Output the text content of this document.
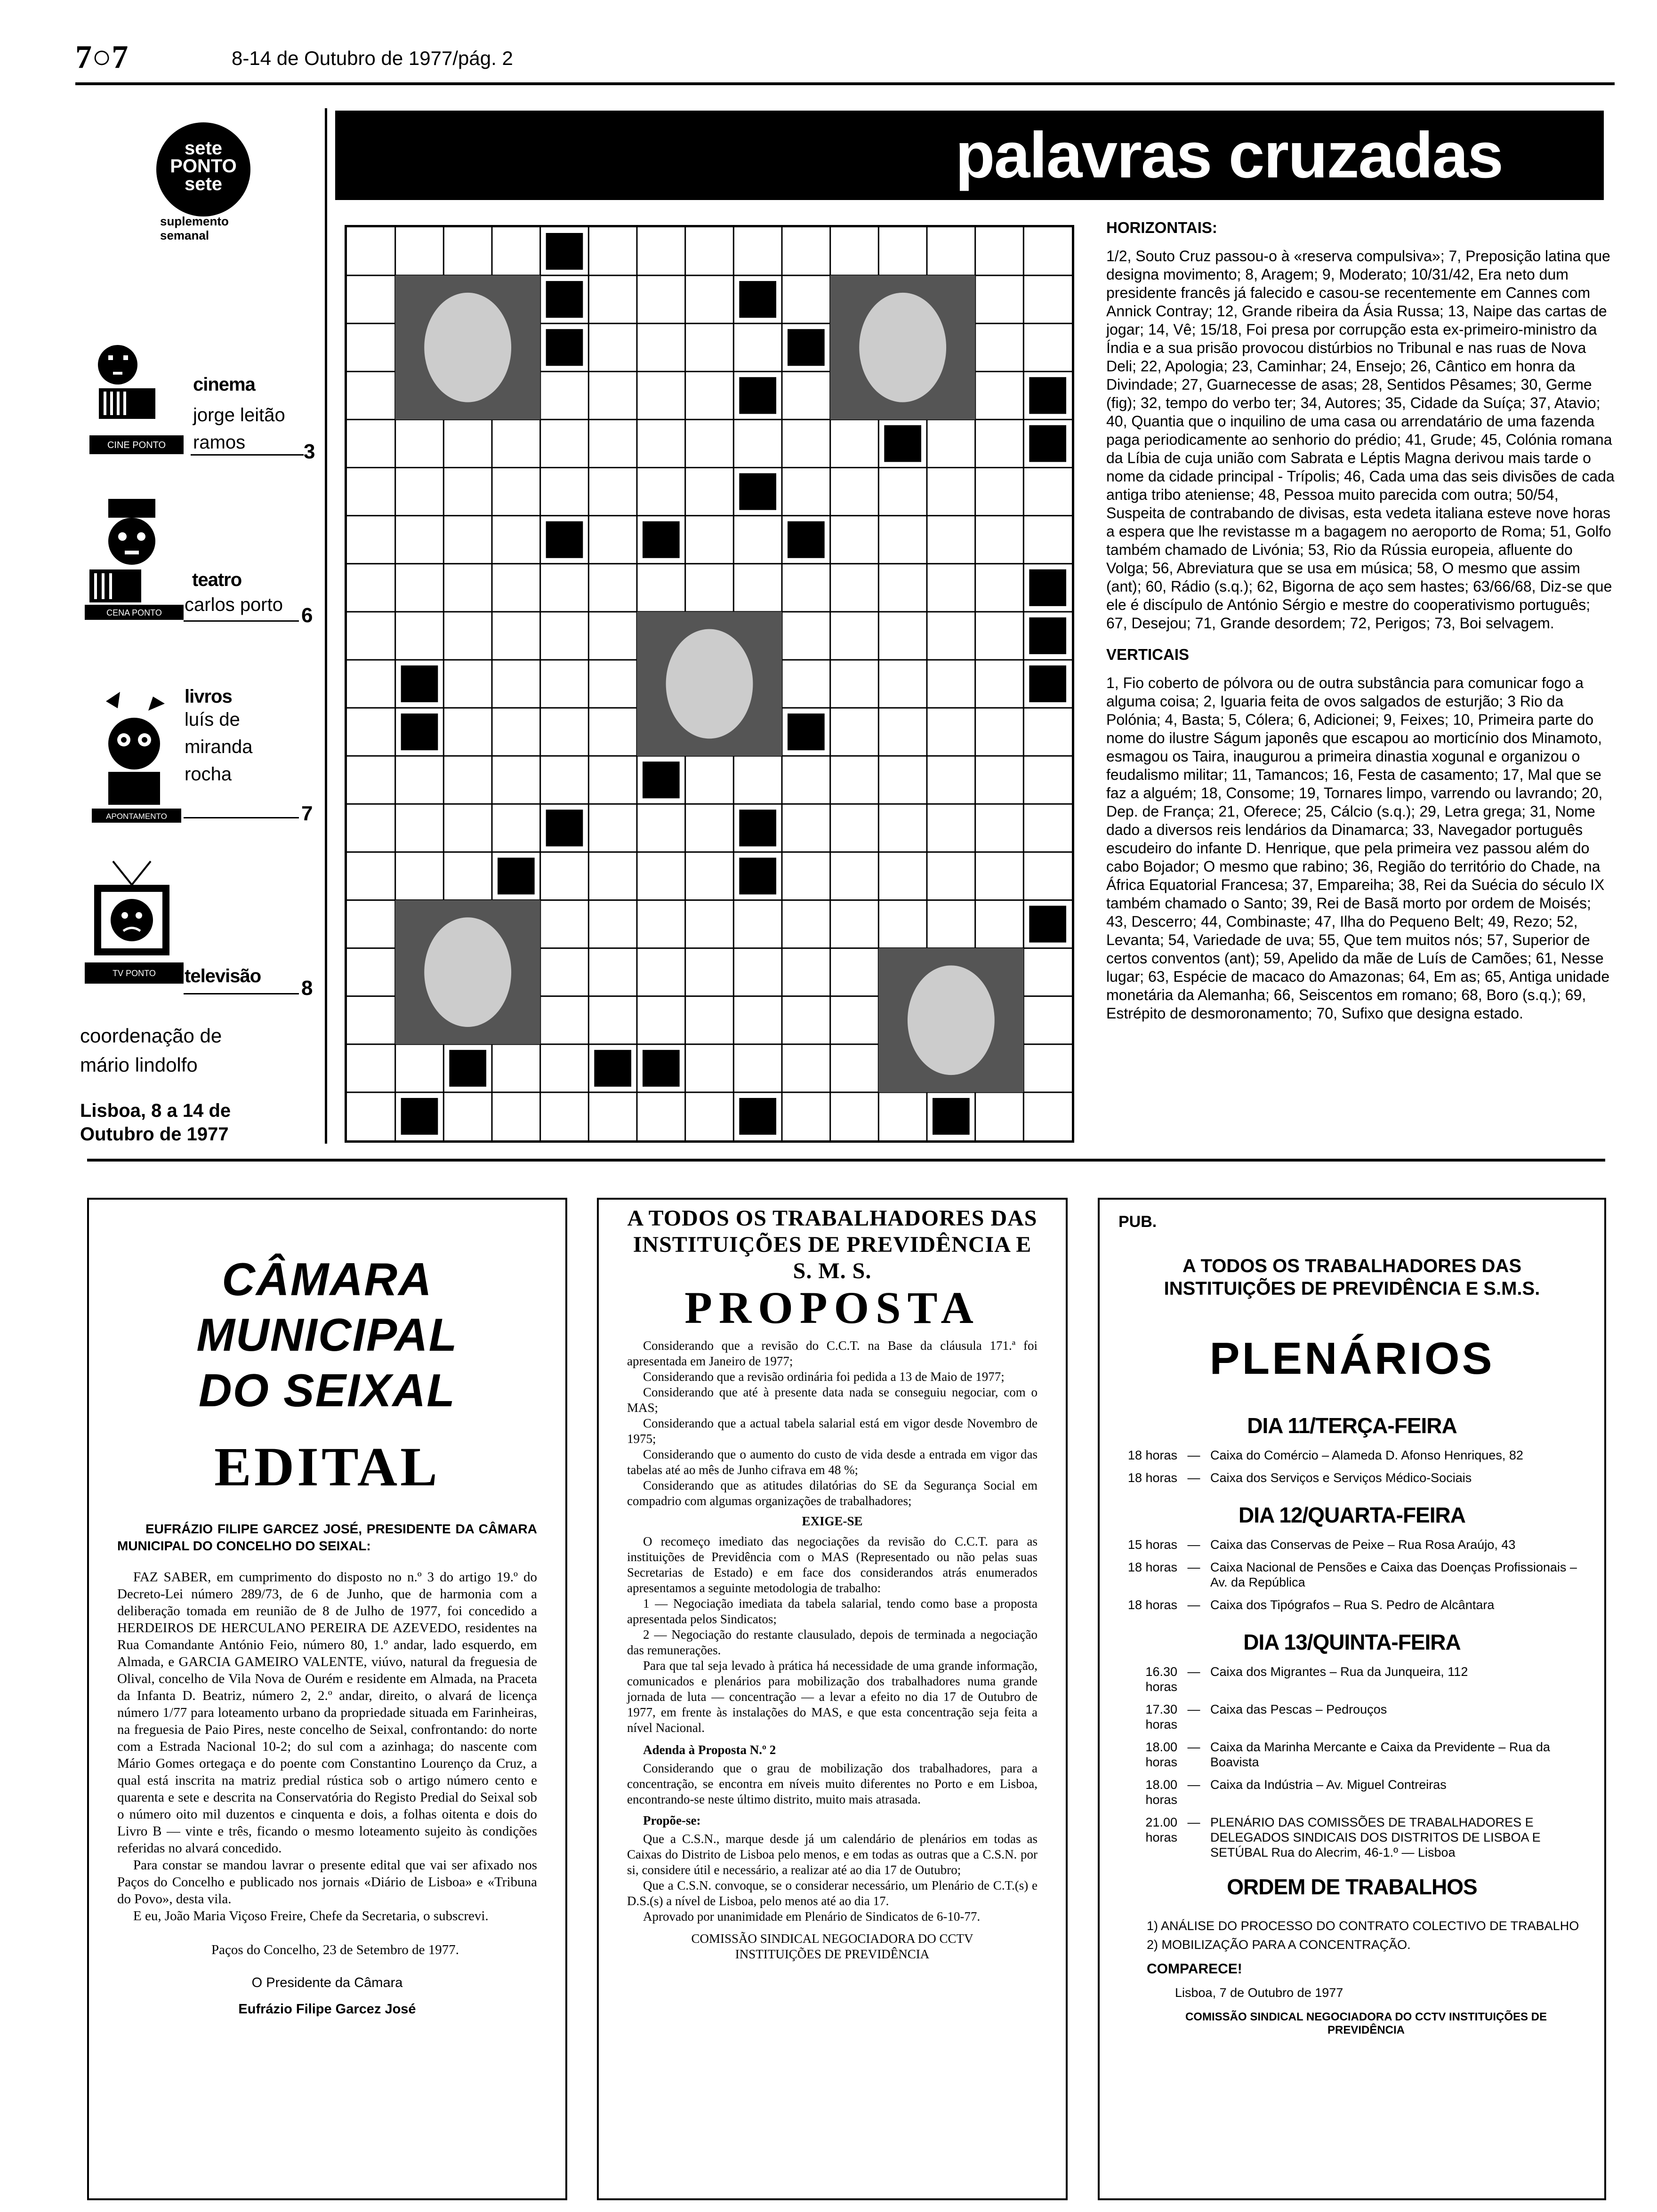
7○7	8-14 de Outubro de 1977/pág. 2
sete
PONTO
sete
suplemento semanal
CINE PONTO
cinema
jorge leitão ramos	3
CENA PONTO
teatro
carlos porto 6
APONTAMENTO
livros
luís de miranda rocha
7
TV PONTO televisão
8
coordenação de mário lindolfo
Lisboa, 8 a 14 de Outubro de 1977
palavras cruzadas
HORIZONTAIS:

1/2, Souto Cruz passou-o à «reserva compulsiva»; 7, Preposição latina que designa movimento; 8, Aragem; 9, Moderato; 10/31/42, Era neto dum presidente francês já falecido e casou-se recentemente em Cannes com Annick Contray; 12, Grande ribeira da Ásia Russa; 13, Naipe das cartas de jogar; 14, Vê; 15/18, Foi presa por corrupção esta ex-primeiro-ministro da Índia e a sua prisão provocou distúrbios no Tribunal e nas ruas de Nova Deli; 22, Apologia; 23, Caminhar; 24, Ensejo; 26, Cântico em honra da Divindade; 27, Guarnecesse de asas; 28, Sentidos Pêsames; 30, Germe (fig); 32, tempo do verbo ter; 34, Autores; 35, Cidade da Suíça; 37, Atavio; 40, Quantia que o inquilino de uma casa ou arrendatário de uma fazenda paga periodicamente ao senhorio do prédio; 41, Grude; 45, Colónia romana da Líbia de cuja união com Sabrata e Léptis Magna derivou mais tarde o nome da cidade principal - Trípolis; 46, Cada uma das seis divisões de cada antiga tribo ateniense; 48, Pessoa muito parecida com outra; 50/54, Suspeita de contrabando de divisas, esta vedeta italiana esteve nove horas a espera que lhe revistasse m a bagagem no aeroporto de Roma; 51, Golfo também chamado de Livónia; 53, Rio da Rússia europeia, afluente do Volga; 56, Abreviatura que se usa em música; 58, O mesmo que assim (ant); 60, Rádio (s.q.); 62, Bigorna de aço sem hastes; 63/66/68, Diz-se que ele é discípulo de António Sérgio e mestre do cooperativismo português; 67, Desejou; 71, Grande desordem; 72, Perigos; 73, Boi selvagem.

VERTICAIS

1, Fio coberto de pólvora ou de outra substância para comunicar fogo a alguma coisa; 2, Iguaria feita de ovos salgados de esturjão; 3 Rio da Polónia; 4, Basta; 5, Cólera; 6, Adicionei; 9, Feixes; 10, Primeira parte do nome do ilustre Ságum japonês que escapou ao morticínio dos Minamoto, esmagou os Taira, inaugurou a primeira dinastia xogunal e organizou o feudalismo militar; 11, Tamancos; 16, Festa de casamento; 17, Mal que se faz a alguém; 18, Consome; 19, Tornares limpo, varrendo ou lavrando; 20, Dep. de França; 21, Oferece; 25, Cálcio (s.q.); 29, Letra grega; 31, Nome dado a diversos reis lendários da Dinamarca; 33, Navegador português escudeiro do infante D. Henrique, que pela primeira vez passou além do cabo Bojador; O mesmo que rabino; 36, Região do território do Chade, na África Equatorial Francesa; 37, Empareiha; 38, Rei da Suécia do século IX também chamado o Santo; 39, Rei de Basã morto por ordem de Moisés; 43, Descerro; 44, Combinaste; 47, Ilha do Pequeno Belt; 49, Rezo; 52, Levanta; 54, Variedade de uva; 55, Que tem muitos nós; 57, Superior de certos conventos (ant); 59, Apelido da mãe de Luís de Camões; 61, Nesse lugar; 63, Espécie de macaco do Amazonas; 64, Em as; 65, Antiga unidade monetária da Alemanha; 66, Seiscentos em romano; 68, Boro (s.q.); 69, Estrépito de desmoronamento; 70, Sufixo que designa estado.

CÂMARA MUNICIPAL
DO SEIXAL
EDITAL

EUFRÁZIO FILIPE GARCEZ JOSÉ, PRESIDENTE DA CÂMARA MUNICIPAL DO CONCELHO DO SEIXAL:

FAZ SABER, em cumprimento do disposto no n.º 3 do artigo 19.º do Decreto-Lei número 289/73, de 6 de Junho, que de harmonia com a deliberação tomada em reunião de 8 de Julho de 1977, foi concedido a HERDEIROS DE HERCULANO PEREIRA DE AZEVEDO, residentes na Rua Comandante António Feio, número 80, 1.º andar, lado esquerdo, em Almada, e GARCIA GAMEIRO VALENTE, viúvo, natural da freguesia de Olival, concelho de Vila Nova de Ourém e residente em Almada, na Praceta da Infanta D. Beatriz, número 2, 2.º andar, direito, o alvará de licença número 1/77 para loteamento urbano da propriedade situada em Farinheiras, na freguesia de Paio Pires, neste concelho de Seixal, confrontando: do norte com a Estrada Nacional 10-2; do sul com a azinhaga; do nascente com Mário Gomes ortegaça e do poente com Constantino Lourenço da Cruz, a qual está inscrita na matriz predial rústica sob o artigo número cento e quarenta e sete e descrita na Conservatória do Registo Predial do Seixal sob o número oito mil duzentos e cinquenta e dois, a folhas oitenta e dois do Livro B — vinte e três, ficando o mesmo loteamento sujeito às condições referidas no alvará concedido.

Para constar se mandou lavrar o presente edital que vai ser afixado nos Paços do Concelho e publicado nos jornais «Diário de Lisboa» e «Tribuna do Povo», desta vila.

E eu, João Maria Viçoso Freire, Chefe da Secretaria, o subscrevi.

Paços do Concelho, 23 de Setembro de 1977.

O Presidente da Câmara

Eufrázio Filipe Garcez José

A TODOS OS TRABALHADORES DAS INSTITUIÇÕES DE PREVIDÊNCIA E S. M. S.
PROPOSTA

Considerando que a revisão do C.C.T. na Base da cláusula 171.ª foi apresentada em Janeiro de 1977;

Considerando que a revisão ordinária foi pedida a 13 de Maio de 1977;

Considerando que até à presente data nada se conseguiu negociar, com o MAS;

Considerando que a actual tabela salarial está em vigor desde Novembro de 1975;

Considerando que o aumento do custo de vida desde a entrada em vigor das tabelas até ao mês de Junho cifrava em 48 %;

Considerando que as atitudes dilatórias do SE da Segurança Social em compadrio com algumas organizações de trabalhadores;

EXIGE-SE

O recomeço imediato das negociações da revisão do C.C.T. para as instituições de Previdência com o MAS (Representado ou não pelas suas Secretarias de Estado) e em face dos considerandos atrás enumerados apresentamos a seguinte metodologia de trabalho:

1 — Negociação imediata da tabela salarial, tendo como base a proposta apresentada pelos Sindicatos;

2 — Negociação do restante clausulado, depois de terminada a negociação das remunerações.

Para que tal seja levado à prática há necessidade de uma grande informação, comunicados e plenários para mobilização dos trabalhadores numa grande jornada de luta — concentração — a levar a efeito no dia 17 de Outubro de 1977, em frente às instalações do MAS, e que esta concentração seja feita a nível Nacional.

Adenda à Proposta N.º 2

Considerando que o grau de mobilização dos trabalhadores, para a concentração, se encontra em níveis muito diferentes no Porto e em Lisboa, encontrando-se neste último distrito, muito mais atrasada.

Propõe-se:

Que a C.S.N., marque desde já um calendário de plenários em todas as Caixas do Distrito de Lisboa pelo menos, e em todas as outras que a C.S.N. por si, considere útil e necessário, a realizar até ao dia 17 de Outubro;

Que a C.S.N. convoque, se o considerar necessário, um Plenário de C.T.(s) e D.S.(s) a nível de Lisboa, pelo menos até ao dia 17.

Aprovado por unanimidade em Plenário de Sindicatos de 6-10-77.

COMISSÃO SINDICAL NEGOCIADORA DO CCTV INSTITUIÇÕES DE PREVIDÊNCIA

PUB.
A TODOS OS TRABALHADORES DAS INSTITUIÇÕES DE PREVIDÊNCIA E S.M.S.
PLENÁRIOS
DIA 11/TERÇA-FEIRA
18 horas — Caixa do Comércio – Alameda D. Afonso Henriques, 82
18 horas — Caixa dos Serviços e Serviços Médico-Sociais
DIA 12/QUARTA-FEIRA
15 horas — Caixa das Conservas de Peixe – Rua Rosa Araújo, 43
18 horas — Caixa Nacional de Pensões e Caixa das Doenças Profissionais – Av. da República
18 horas — Caixa dos Tipógrafos – Rua S. Pedro de Alcântara
DIA 13/QUINTA-FEIRA
16.30 horas
— Caixa dos Migrantes – Rua da Junqueira, 112
17.30 horas
— Caixa das Pescas – Pedrouços
18.00 horas
— Caixa da Marinha Mercante e Caixa da Previdente – Rua da Boavista
18.00 horas
— Caixa da Indústria – Av. Miguel Contreiras
21.00 horas
— PLENÁRIO DAS COMISSÕES DE TRABALHADORES E DELEGADOS SINDICAIS DOS DISTRITOS DE LISBOA E SETÚBAL Rua do Alecrim, 46-1.º — Lisboa
ORDEM DE TRABALHOS
1) ANÁLISE DO PROCESSO DO CONTRATO COLECTIVO DE TRABALHO
2) MOBILIZAÇÃO PARA A CONCENTRAÇÃO.
COMPARECE!
Lisboa, 7 de Outubro de 1977
COMISSÃO SINDICAL NEGOCIADORA DO CCTV INSTITUIÇÕES DE PREVIDÊNCIA
